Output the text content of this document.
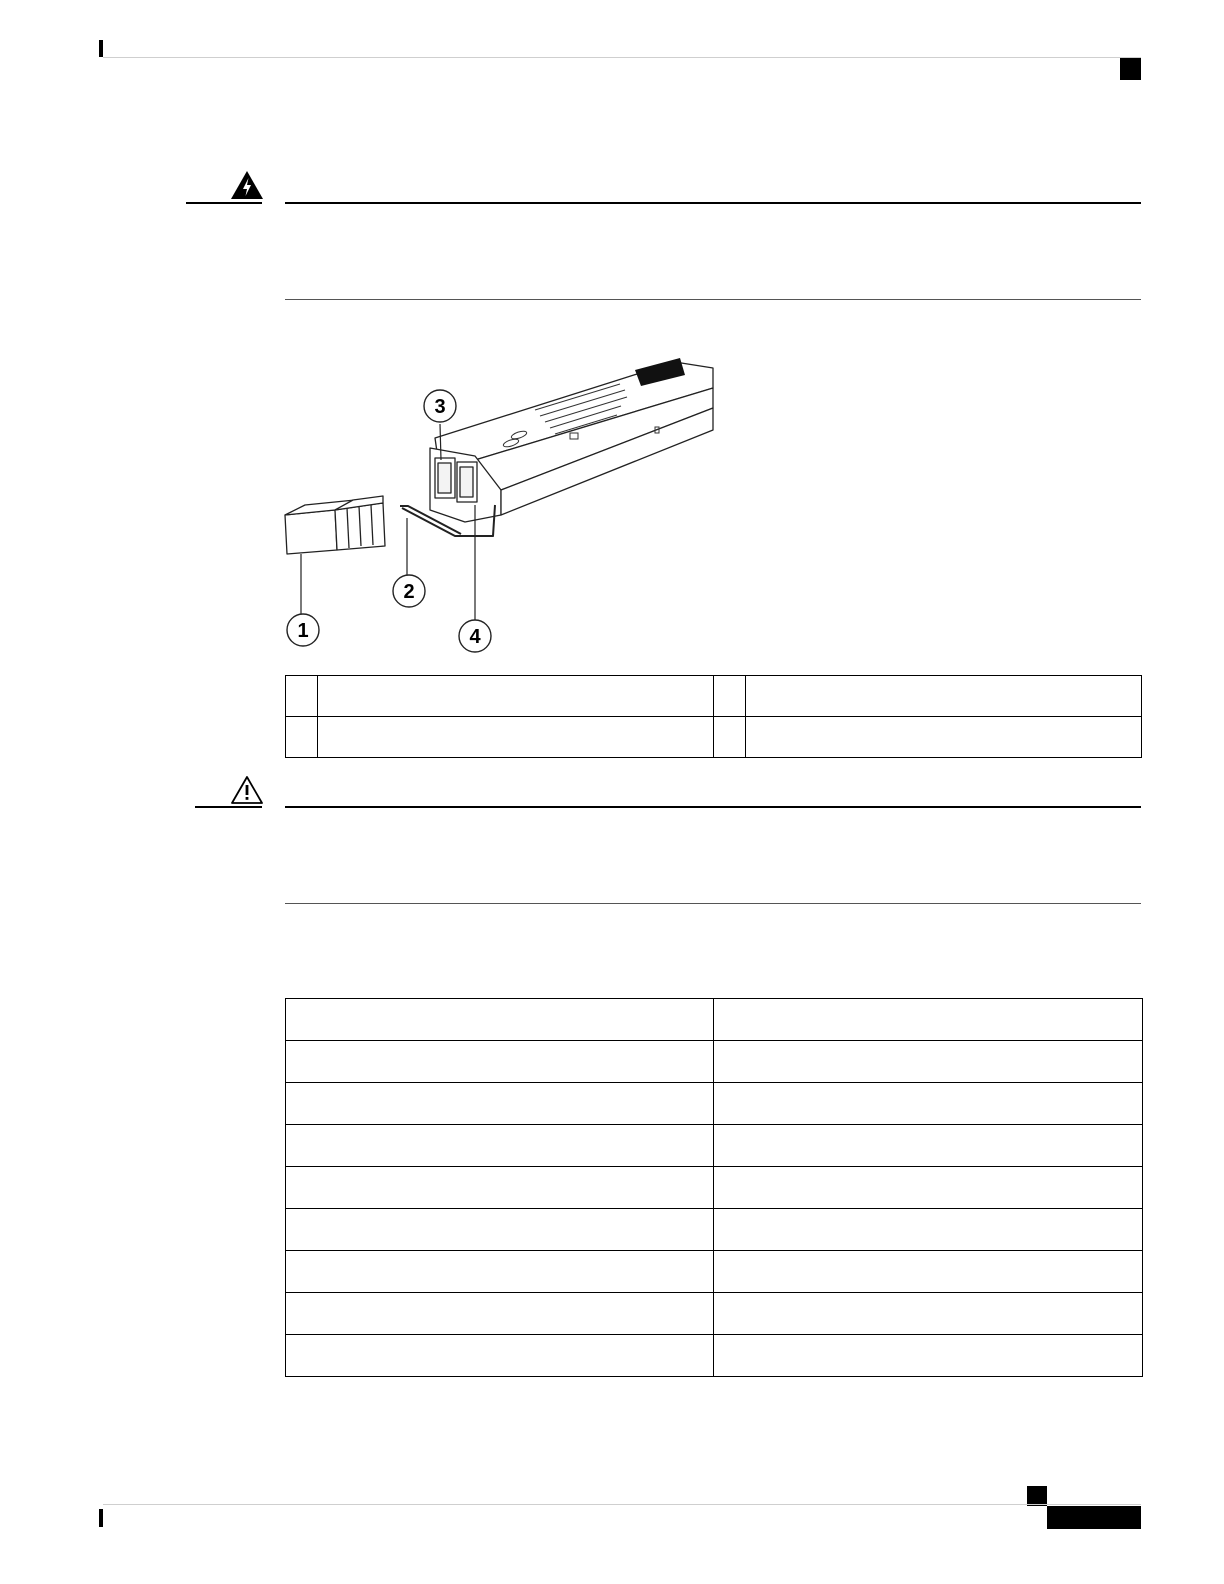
1
2
3
4
